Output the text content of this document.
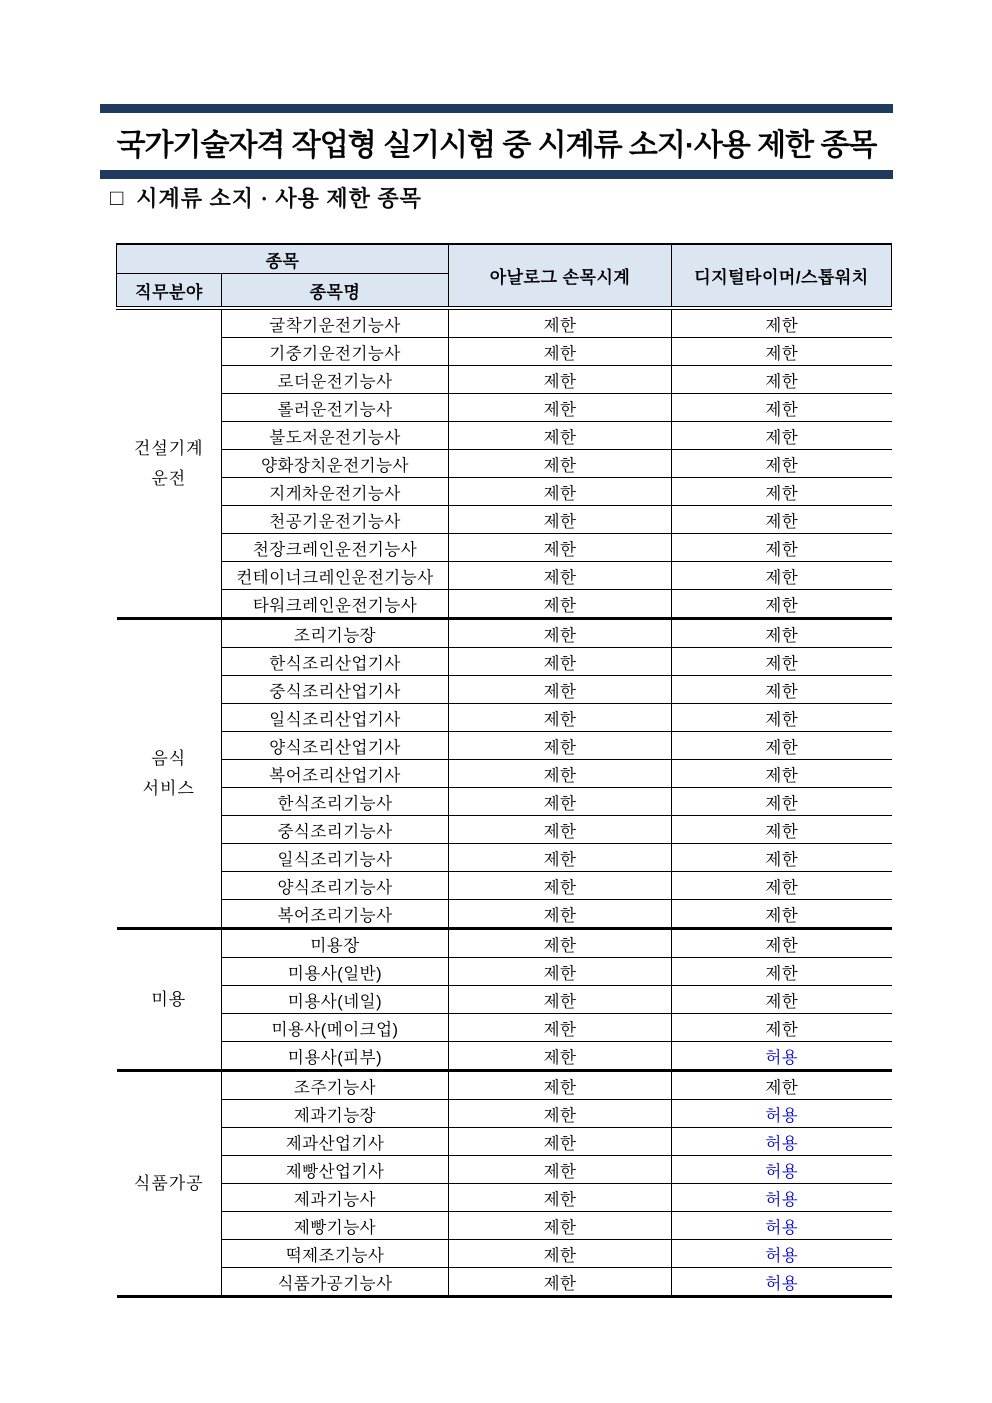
국가기술자격 작업형 실기시험 중 시계류 소지·사용 제한 종목
□ 시계류 소지 · 사용 제한 종목
종목		아날로그 손목시계	디지털타이머/스톱워치
직무분야	종목명		
건설기계
운전	굴착기운전기능사	제한	제한
	기중기운전기능사	제한	제한
	로더운전기능사	제한	제한
	롤러운전기능사	제한	제한
	불도저운전기능사	제한	제한
	양화장치운전기능사	제한	제한
	지게차운전기능사	제한	제한
	천공기운전기능사	제한	제한
	천장크레인운전기능사	제한	제한
	컨테이너크레인운전기능사	제한	제한
	타워크레인운전기능사	제한	제한
음식
서비스	조리기능장	제한	제한
	한식조리산업기사	제한	제한
	중식조리산업기사	제한	제한
	일식조리산업기사	제한	제한
	양식조리산업기사	제한	제한
	복어조리산업기사	제한	제한
	한식조리기능사	제한	제한
	중식조리기능사	제한	제한
	일식조리기능사	제한	제한
	양식조리기능사	제한	제한
	복어조리기능사	제한	제한
미용	미용장	제한	제한
	미용사(일반)	제한	제한
	미용사(네일)	제한	제한
	미용사(메이크업)	제한	제한
	미용사(피부)	제한	허용
식품가공	조주기능사	제한	제한
	제과기능장	제한	허용
	제과산업기사	제한	허용
	제빵산업기사	제한	허용
	제과기능사	제한	허용
	제빵기능사	제한	허용
	떡제조기능사	제한	허용
	식품가공기능사	제한	허용
